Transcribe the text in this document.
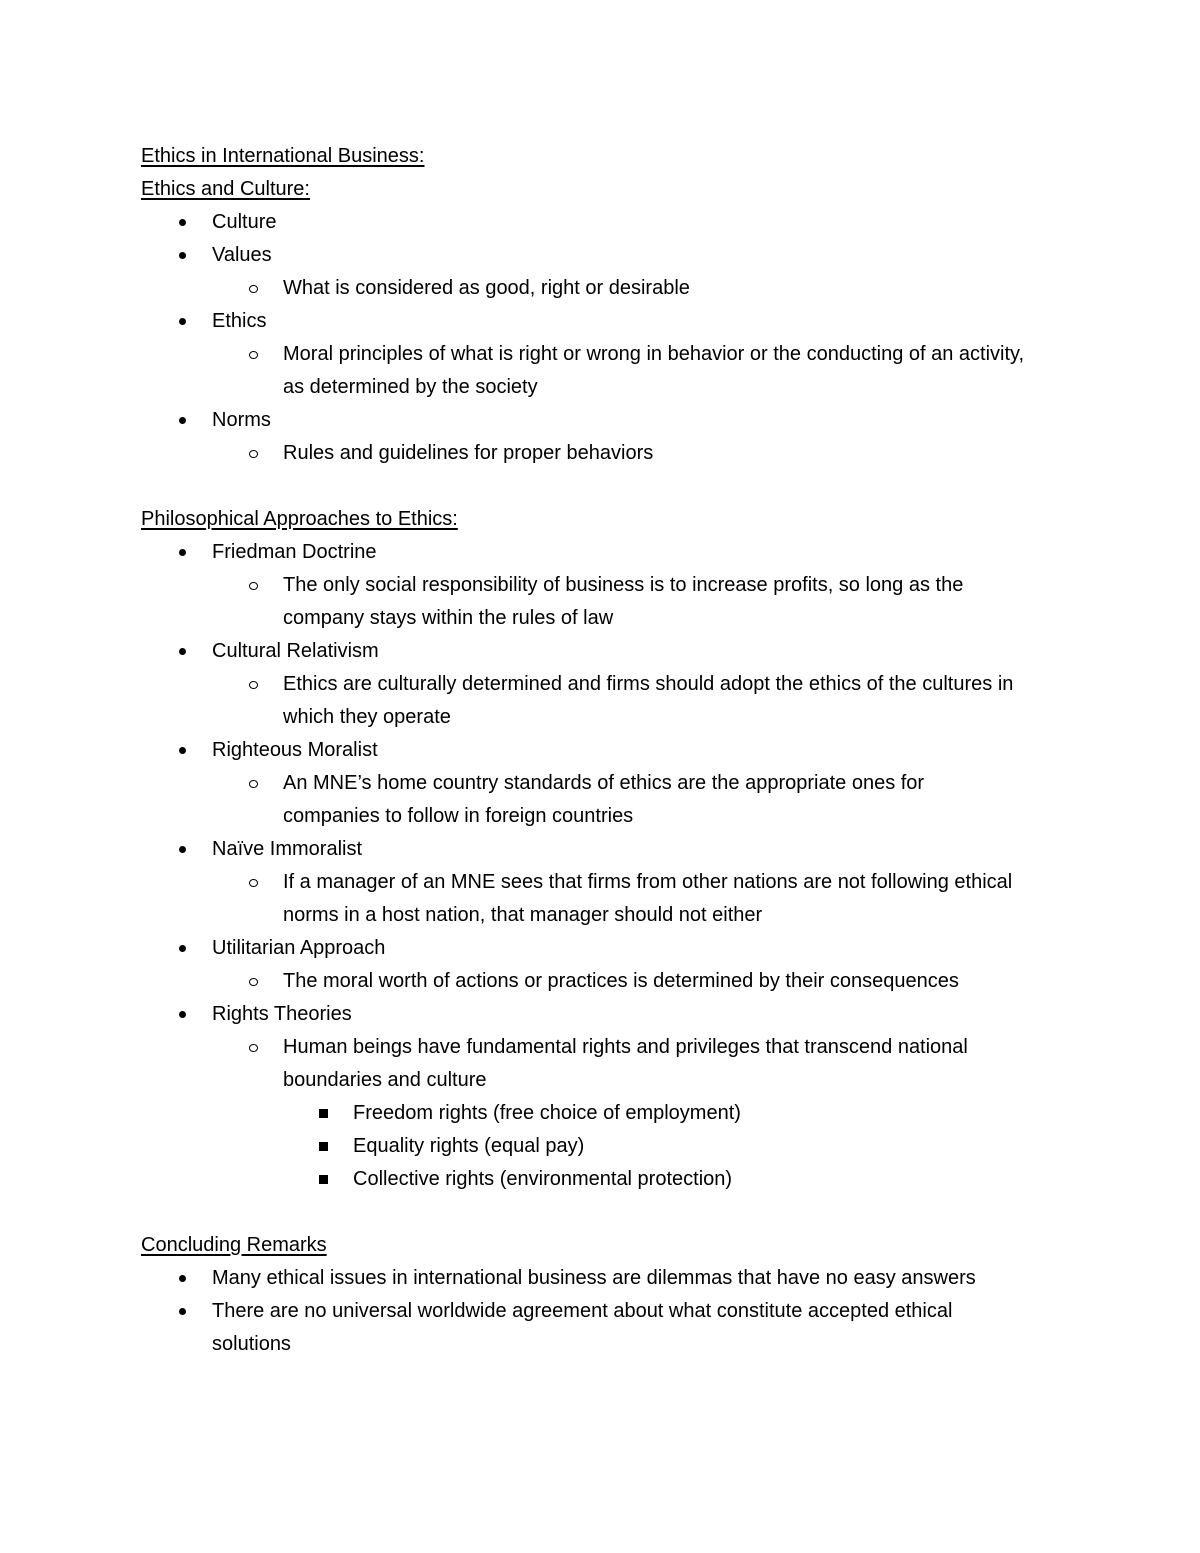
Ethics in International Business:
Ethics and Culture:
Culture
Values
What is considered as good, right or desirable
Ethics
Moral principles of what is right or wrong in behavior or the conducting of an activity, as determined by the society
Norms
Rules and guidelines for proper behaviors
Philosophical Approaches to Ethics:
Friedman Doctrine
The only social responsibility of business is to increase profits, so long as the company stays within the rules of law
Cultural Relativism
Ethics are culturally determined and firms should adopt the ethics of the cultures in which they operate
Righteous Moralist
An MNE’s home country standards of ethics are the appropriate ones for companies to follow in foreign countries
Naïve Immoralist
If a manager of an MNE sees that firms from other nations are not following ethical norms in a host nation, that manager should not either
Utilitarian Approach
The moral worth of actions or practices is determined by their consequences
Rights Theories
Human beings have fundamental rights and privileges that transcend national boundaries and culture
Freedom rights (free choice of employment)
Equality rights (equal pay)
Collective rights (environmental protection)
Concluding Remarks
Many ethical issues in international business are dilemmas that have no easy answers
There are no universal worldwide agreement about what constitute accepted ethical solutions
